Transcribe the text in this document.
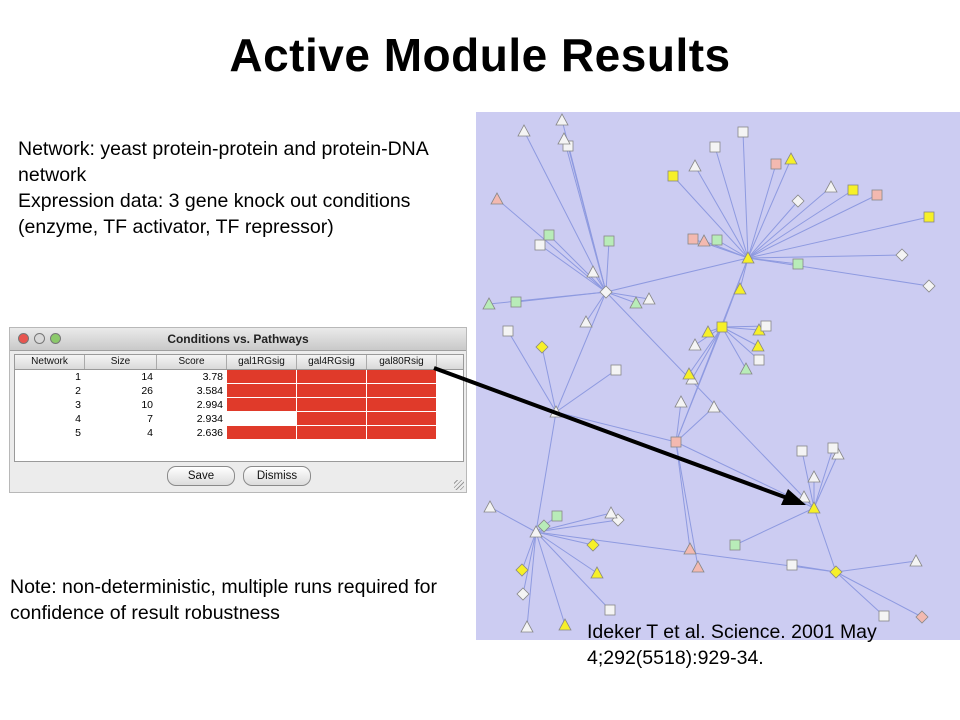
Active Module Results
Network: yeast protein-protein and protein-DNA network
Expression data: 3 gene knock out conditions (enzyme, TF activator, TF repressor)
Conditions vs. Pathways
Network	Size	Score	gal1RGsig	gal4RGsig	gal80Rsig
1	14	3.78
2	26	3.584
3	10	2.994
4	7	2.934
5	4	2.636
Save	Dismiss
Note: non-deterministic, multiple runs required for confidence of result robustness
Ideker T et al. Science. 2001 May 4;292(5518):929-34.
